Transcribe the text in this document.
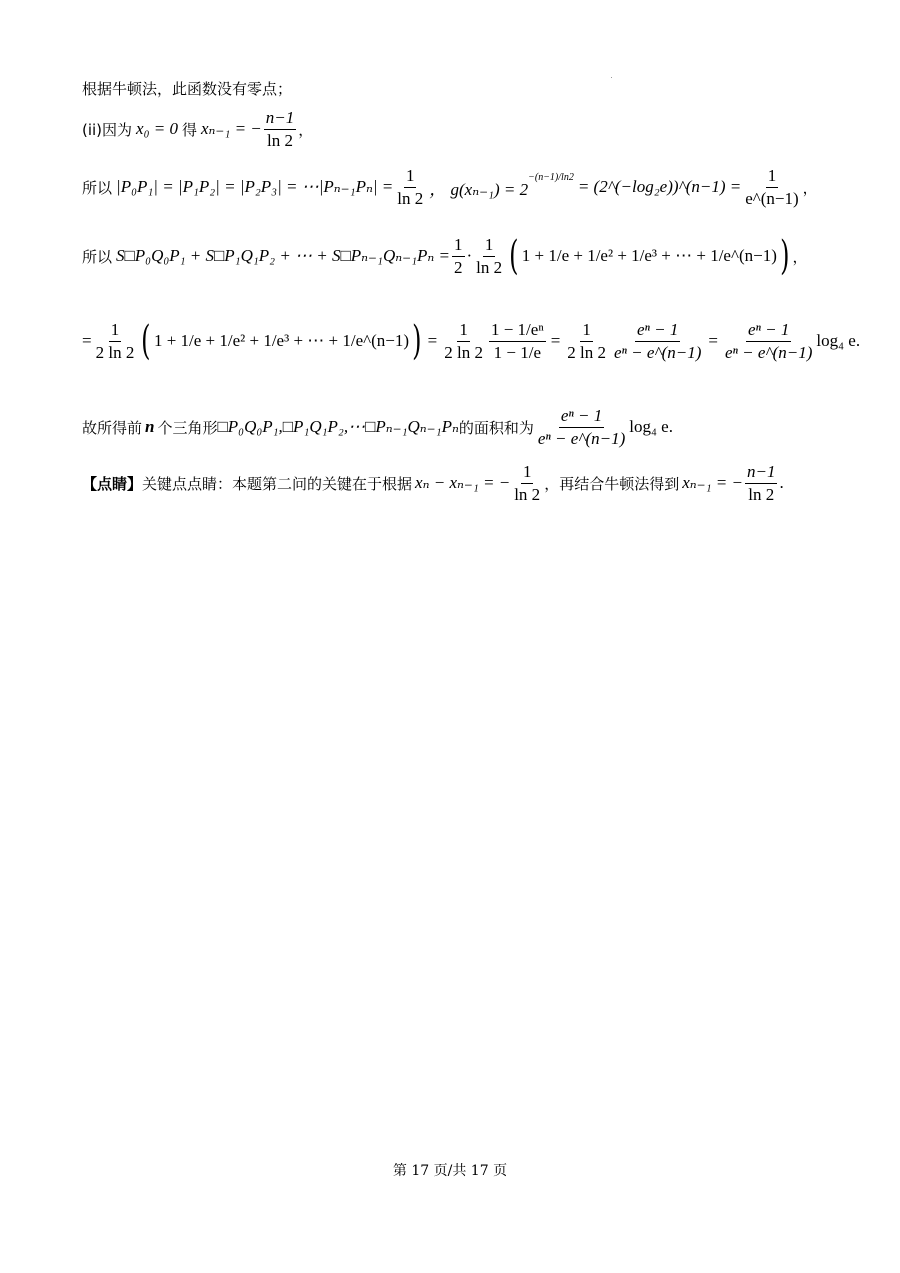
根据牛顿法，此函数没有零点；
(ii)因为 x₀ = 0 得 xₙ₋₁ = − $\frac{n-1}{\ln 2}$ ，
所以 |P₀P₁| = |P₁P₂| = |P₂P₃| = ⋯|Pₙ₋₁Pₙ| = $\frac{1}{\ln 2}$ ， g(xₙ₋₁) = 2
$^{-(n-1)/ln2}$ = (2^(−log₂e))^(n−1) = $\frac{1}{e\^{}(n-1)}$ ，
所以 S□P₀Q₀P₁ + S□P₁Q₁P₂ + ⋯ + S□Pₙ₋₁Qₙ₋₁Pₙ = $\frac{1}{2} \cdot \frac{1}{\ln 2}$ ( 1 + 1/e + 1/e² + 1/e³ + ⋯ + 1/e^(n−1) ) ，
= $\frac{1}{2 \ln 2}$ ( 1 + 1/e + 1/e² + 1/e³ + ⋯ + 1/e^(n−1) ) = $\frac{1}{2 \ln 2} \frac{\text{1 − 1/eⁿ}}{1 - 1/e} = \frac{1}{2 \ln 2} \frac{\text{eⁿ − 1}}{\text{eⁿ − e\textasciicircum{}(n−1)}} = \frac{\text{eⁿ − 1}}{\text{eⁿ − e\textasciicircum{}(n−1)}} \log_4$ e .
故所得前 n 个三角形 □P₀Q₀P₁,□P₁Q₁P₂,⋯□Pₙ₋₁Qₙ₋₁Pₙ 的面积和为 $\frac{\text{eⁿ − 1}}{\text{eⁿ − e\textasciicircum{}(n−1)}} \log_4$ e .
【点睛】 关键点点睛：本题第二问的关键在于根据 xₙ − xₙ₋₁ = − $\frac{1}{\ln 2}$ ，再结合牛顿法得到 xₙ₋₁ = − $\frac{n-1}{\ln 2}$ .
第 17 页/共 17 页
